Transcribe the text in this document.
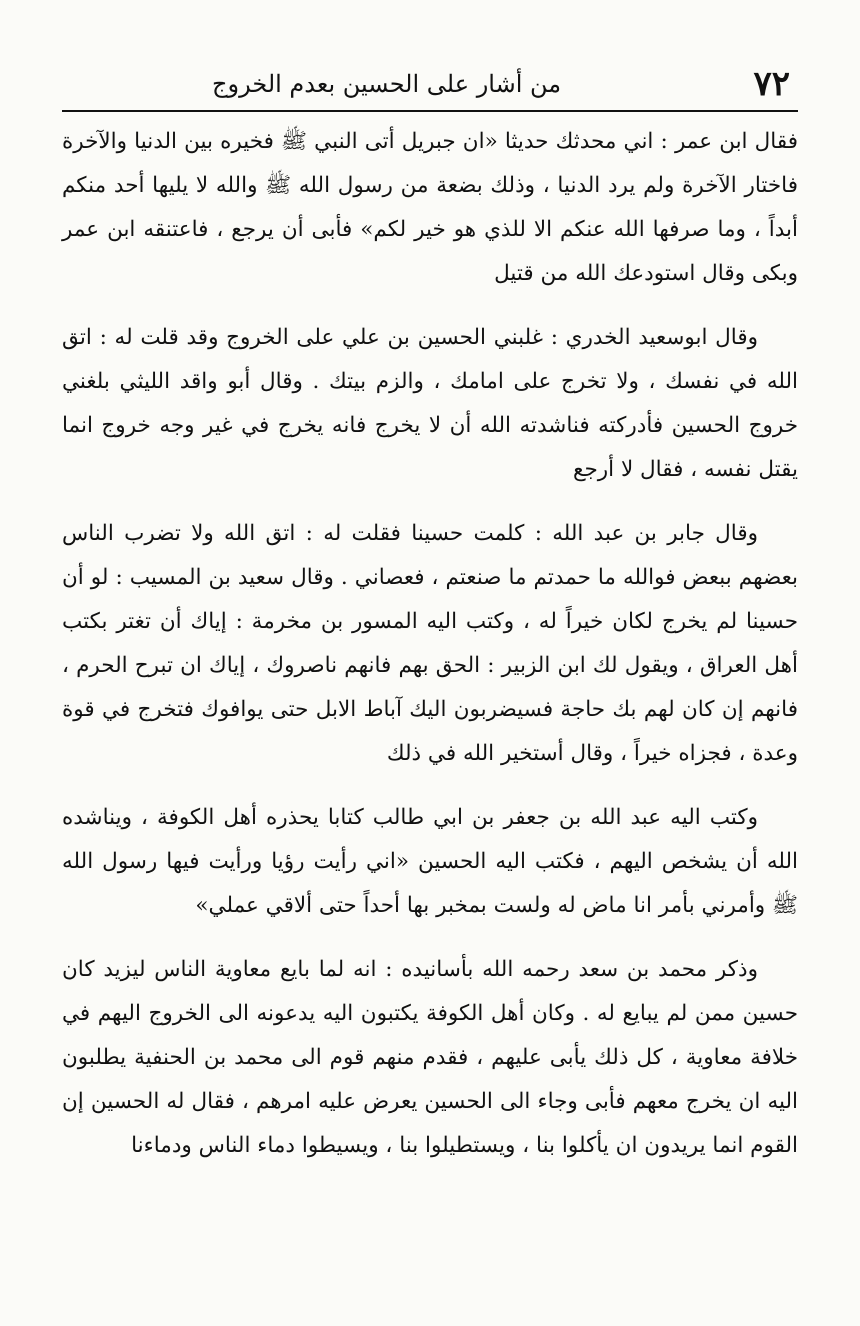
من أشار على الحسين بعدم الخروج	٧٢

فقال ابن عمر : اني محدثك حديثا «ان جبريل أتى النبي ﷺ فخيره بين الدنيا والآخرة فاختار الآخرة ولم يرد الدنيا ، وذلك بضعة من رسول الله ﷺ والله لا يليها أحد منكم أبداً ، وما صرفها الله عنكم الا للذي هو خير لكم» فأبى أن يرجع ، فاعتنقه ابن عمر وبكى وقال استودعك الله من قتيل

وقال ابوسعيد الخدري : غلبني الحسين بن علي على الخروج وقد قلت له : اتق الله في نفسك ، ولا تخرج على امامك ، والزم بيتك . وقال أبو واقد الليثي بلغني خروج الحسين فأدركته فناشدته الله أن لا يخرج فانه يخرج في غير وجه خروج انما يقتل نفسه ، فقال لا أرجع

وقال جابر بن عبد الله : كلمت حسينا فقلت له : اتق الله ولا تضرب الناس بعضهم ببعض فوالله ما حمدتم ما صنعتم ، فعصاني . وقال سعيد بن المسيب : لو أن حسينا لم يخرج لكان خيراً له ، وكتب اليه المسور بن مخرمة : إياك أن تغتر بكتب أهل العراق ، ويقول لك ابن الزبير : الحق بهم فانهم ناصروك ، إياك ان تبرح الحرم ، فانهم إن كان لهم بك حاجة فسيضربون اليك آباط الابل حتى يوافوك فتخرج في قوة وعدة ، فجزاه خيراً ، وقال أستخير الله في ذلك

وكتب اليه عبد الله بن جعفر بن ابي طالب كتابا يحذره أهل الكوفة ، ويناشده الله أن يشخص اليهم ، فكتب اليه الحسين «اني رأيت رؤيا ورأيت فيها رسول الله ﷺ وأمرني بأمر انا ماض له ولست بمخبر بها أحداً حتى ألاقي عملي»

وذكر محمد بن سعد رحمه الله بأسانيده : انه لما بايع معاوية الناس ليزيد كان حسين ممن لم يبايع له . وكان أهل الكوفة يكتبون اليه يدعونه الى الخروج اليهم في خلافة معاوية ، كل ذلك يأبى عليهم ، فقدم منهم قوم الى محمد بن الحنفية يطلبون اليه ان يخرج معهم فأبى وجاء الى الحسين يعرض عليه امرهم ، فقال له الحسين إن القوم انما يريدون ان يأكلوا بنا ، ويستطيلوا بنا ، ويسيطوا دماء الناس ودماءنا
